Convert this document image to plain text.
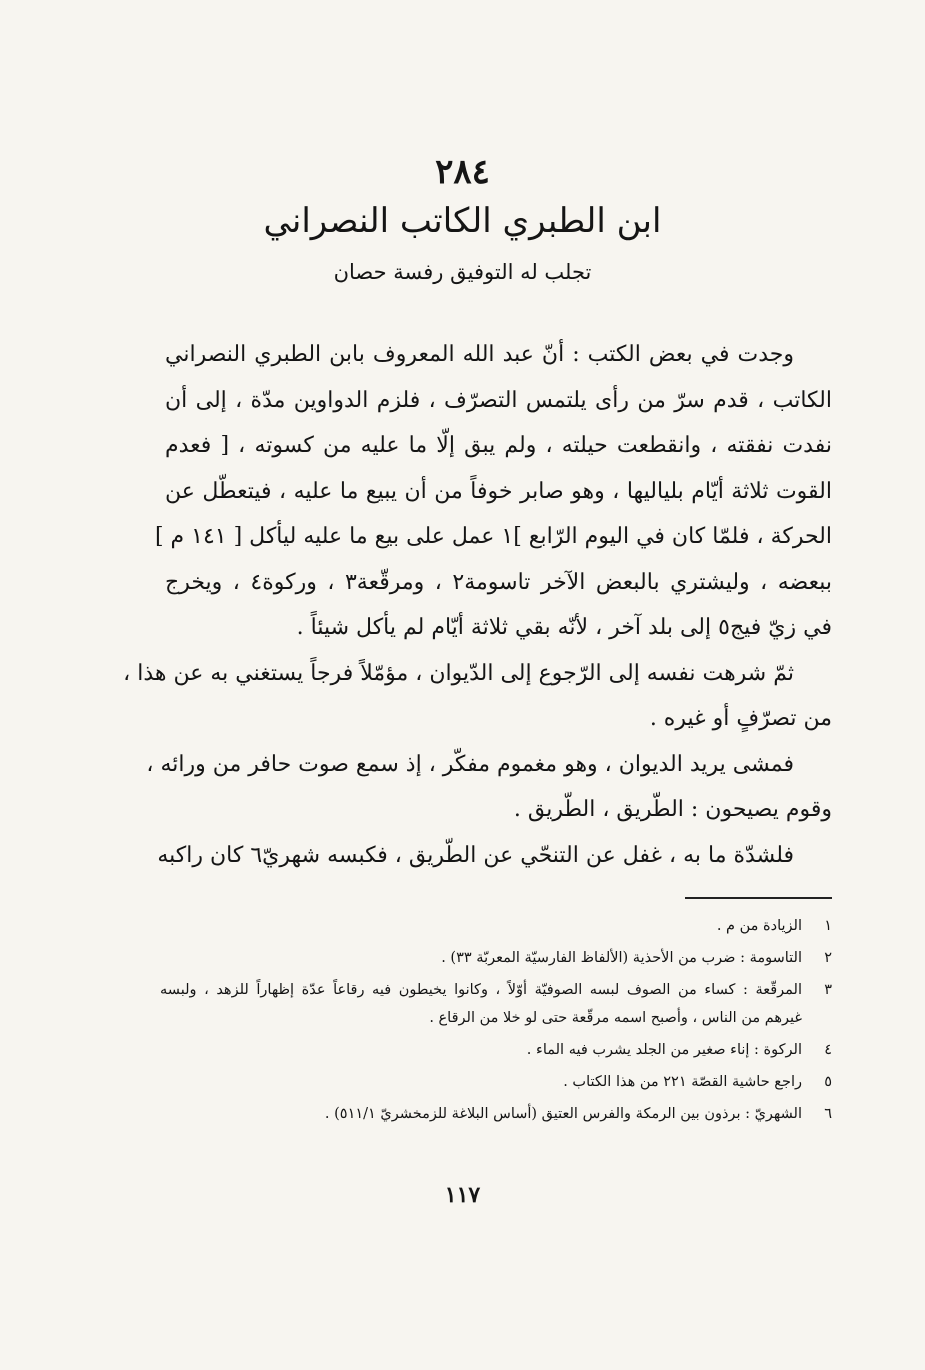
٢٨٤
ابن الطبري الكاتب النصراني
تجلب له التوفيق رفسة حصان
وجدت في بعض الكتب : أنّ عبد الله المعروف بابن الطبري النصراني
الكاتب ، قدم سرّ من رأى يلتمس التصرّف ، فلزم الدواوين مدّة ، إلى أن
نفدت نفقته ، وانقطعت حيلته ، ولم يبق إلّا ما عليه من كسوته ، [ فعدم
القوت ثلاثة أيّام بلياليها ، وهو صابر خوفاً من أن يبيع ما عليه ، فيتعطّل عن
الحركة ، فلمّا كان في اليوم الرّابع ]١ عمل على بيع ما عليه ليأكل [ ١٤١ م ]
ببعضه ، وليشتري بالبعض الآخر تاسومة٢ ، ومرقّعة٣ ، وركوة٤ ، ويخرج
في زيّ فيج٥ إلى بلد آخر ، لأنّه بقي ثلاثة أيّام لم يأكل شيئاً .
ثمّ شرهت نفسه إلى الرّجوع إلى الدّيوان ، مؤمّلاً فرجاً يستغني به عن هذا ،
من تصرّفٍ أو غيره .
فمشى يريد الديوان ، وهو مغموم مفكّر ، إذ سمع صوت حافر من ورائه ،
وقوم يصيحون : الطّريق ، الطّريق .
فلشدّة ما به ، غفل عن التنحّي عن الطّريق ، فكبسه شهريّ٦ كان راكبه
١
الزيادة من م .
٢
التاسومة : ضرب من الأحذية (الألفاظ الفارسيّة المعربّة ٣٣) .
٣
المرقّعة : كساء من الصوف لبسه الصوفيّة أوّلاً ، وكانوا يخيطون فيه رقاعاً عدّة إظهاراً للزهد ، ولبسه
غيرهم من الناس ، وأصبح اسمه مرقّعة حتى لو خلا من الرقاع .
٤
الركوة : إناء صغير من الجلد يشرب فيه الماء .
٥
راجع حاشية القصّة ٢٢١ من هذا الكتاب .
٦
الشهريّ : برذون بين الرمكة والفرس العتيق (أساس البلاغة للزمخشريّ ٥١١/١) .
١١٧
